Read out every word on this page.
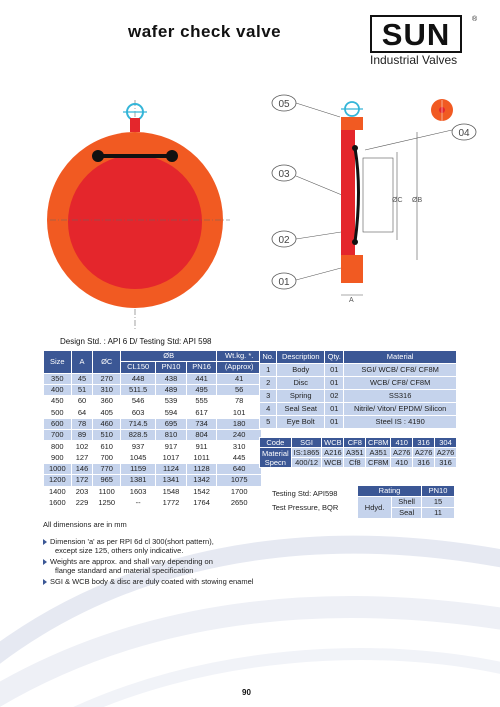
wafer check valve	SUN	®
Industrial Valves
05
04
03
02
01
ØC ØB
A
Design Std. : API 6 D/ Testing Std: API 598
Size	A	ØC	ØB			Wt.kg. *.
			CL150	PN10	PN16	(Approx)
350	45	270	448	438	441	41
400	51	310	511.5	489	495	56
450	60	360	546	539	555	78
500	64	405	603	594	617	101
600	78	460	714.5	695	734	180
700	89	510	828.5	810	804	240
800	102	610	937	917	911	310
900	127	700	1045	1017	1011	445
1000	146	770	1159	1124	1128	640
1200	172	965	1381	1341	1342	1075
1400	203	1100	1603	1548	1542	1700
1600	229	1250	--	1772	1764	2650
No.	Description	Qty.	Material
1	Body	01	SGI/ WCB/ CF8/ CF8M
2	Disc	01	WCB/ CF8/ CF8M
3	Spring	02	SS316
4	Seal Seat	01	Nitrile/ Viton/ EPDM/ Silicon
5	Eye Bolt	01	Steel IS : 4190
Code	SGI	WCB	CF8	CF8M	410	316	304
Material
Specn	IS:1865	A216	A351	A351	A276	A276	A276
	400/12	WCB	Cf8	CF8M	410	316	316
Testing Std: API598
Test Pressure, BQR
Rating		PN10
Hdyd.	Shell	15
	Seal	11
All dimensions are in mm
Dimension 'a' as per RPI 6d cl 300(short pattern),
except size 125, others only indicative.
Weights are approx. and shall vary depending on
flange standard and material specification
SGI & WCB body & disc are duly coated with stowing enamel
90
